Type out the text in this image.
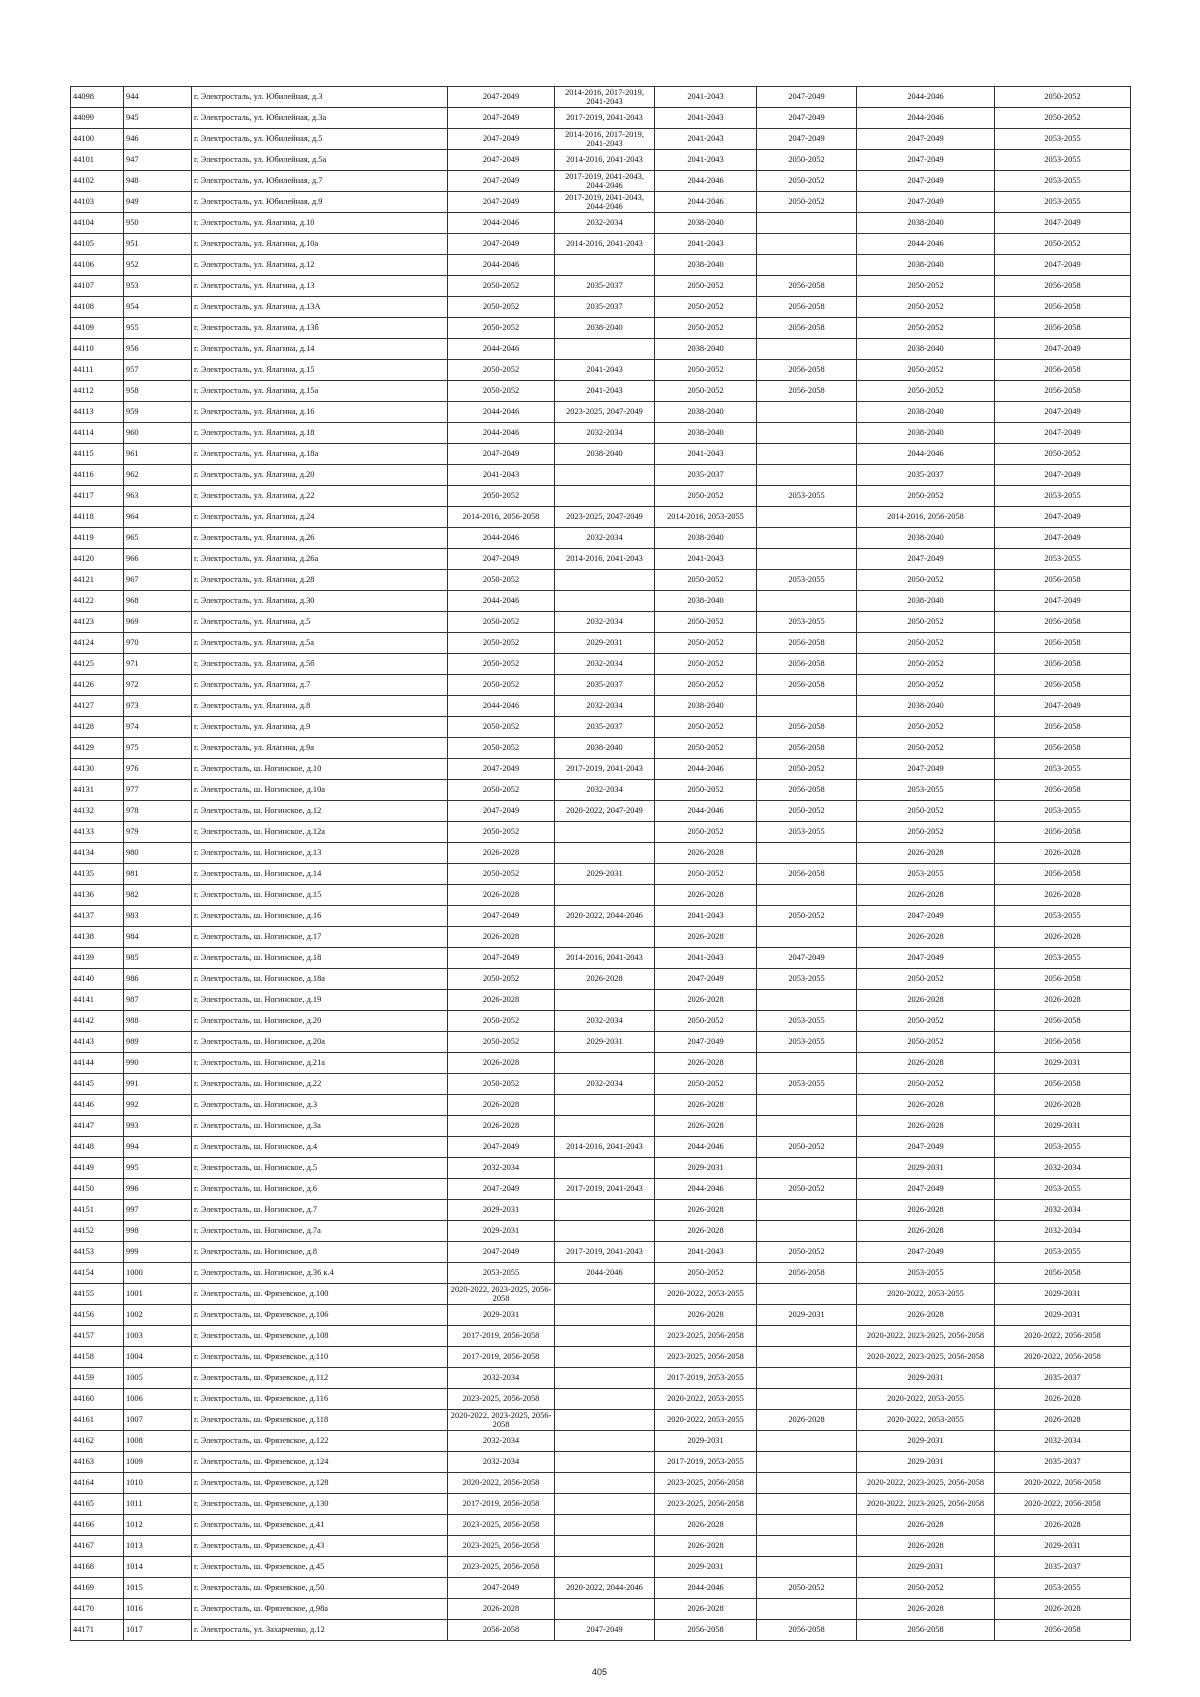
44098	944	г. Электросталь, ул. Юбилейная, д.3	2047-2049	2014-2016, 2017-2019, 2041-2043	2041-2043	2047-2049	2044-2046	2050-2052
44099	945	г. Электросталь, ул. Юбилейная, д.3а	2047-2049	2017-2019, 2041-2043	2041-2043	2047-2049	2044-2046	2050-2052
44100	946	г. Электросталь, ул. Юбилейная, д.5	2047-2049	2014-2016, 2017-2019, 2041-2043	2041-2043	2047-2049	2047-2049	2053-2055
44101	947	г. Электросталь, ул. Юбилейная, д.5а	2047-2049	2014-2016, 2041-2043	2041-2043	2050-2052	2047-2049	2053-2055
44102	948	г. Электросталь, ул. Юбилейная, д.7	2047-2049	2017-2019, 2041-2043, 2044-2046	2044-2046	2050-2052	2047-2049	2053-2055
44103	949	г. Электросталь, ул. Юбилейная, д.9	2047-2049	2017-2019, 2041-2043, 2044-2046	2044-2046	2050-2052	2047-2049	2053-2055
44104	950	г. Электросталь, ул. Ялагина, д.10	2044-2046	2032-2034	2038-2040		2038-2040	2047-2049
44105	951	г. Электросталь, ул. Ялагина, д.10а	2047-2049	2014-2016, 2041-2043	2041-2043		2044-2046	2050-2052
44106	952	г. Электросталь, ул. Ялагина, д.12	2044-2046		2038-2040		2038-2040	2047-2049
44107	953	г. Электросталь, ул. Ялагина, д.13	2050-2052	2035-2037	2050-2052	2056-2058	2050-2052	2056-2058
44108	954	г. Электросталь, ул. Ялагина, д.13А	2050-2052	2035-2037	2050-2052	2056-2058	2050-2052	2056-2058
44109	955	г. Электросталь, ул. Ялагина, д.13б	2050-2052	2038-2040	2050-2052	2056-2058	2050-2052	2056-2058
44110	956	г. Электросталь, ул. Ялагина, д.14	2044-2046		2038-2040		2038-2040	2047-2049
44111	957	г. Электросталь, ул. Ялагина, д.15	2050-2052	2041-2043	2050-2052	2056-2058	2050-2052	2056-2058
44112	958	г. Электросталь, ул. Ялагина, д.15а	2050-2052	2041-2043	2050-2052	2056-2058	2050-2052	2056-2058
44113	959	г. Электросталь, ул. Ялагина, д.16	2044-2046	2023-2025, 2047-2049	2038-2040		2038-2040	2047-2049
44114	960	г. Электросталь, ул. Ялагина, д.18	2044-2046	2032-2034	2038-2040		2038-2040	2047-2049
44115	961	г. Электросталь, ул. Ялагина, д.18а	2047-2049	2038-2040	2041-2043		2044-2046	2050-2052
44116	962	г. Электросталь, ул. Ялагина, д.20	2041-2043		2035-2037		2035-2037	2047-2049
44117	963	г. Электросталь, ул. Ялагина, д.22	2050-2052		2050-2052	2053-2055	2050-2052	2053-2055
44118	964	г. Электросталь, ул. Ялагина, д.24	2014-2016, 2056-2058	2023-2025, 2047-2049	2014-2016, 2053-2055		2014-2016, 2056-2058	2047-2049
44119	965	г. Электросталь, ул. Ялагина, д.26	2044-2046	2032-2034	2038-2040		2038-2040	2047-2049
44120	966	г. Электросталь, ул. Ялагина, д.26а	2047-2049	2014-2016, 2041-2043	2041-2043		2047-2049	2053-2055
44121	967	г. Электросталь, ул. Ялагина, д.28	2050-2052		2050-2052	2053-2055	2050-2052	2056-2058
44122	968	г. Электросталь, ул. Ялагина, д.30	2044-2046		2038-2040		2038-2040	2047-2049
44123	969	г. Электросталь, ул. Ялагина, д.5	2050-2052	2032-2034	2050-2052	2053-2055	2050-2052	2056-2058
44124	970	г. Электросталь, ул. Ялагина, д.5а	2050-2052	2029-2031	2050-2052	2056-2058	2050-2052	2056-2058
44125	971	г. Электросталь, ул. Ялагина, д.5б	2050-2052	2032-2034	2050-2052	2056-2058	2050-2052	2056-2058
44126	972	г. Электросталь, ул. Ялагина, д.7	2050-2052	2035-2037	2050-2052	2056-2058	2050-2052	2056-2058
44127	973	г. Электросталь, ул. Ялагина, д.8	2044-2046	2032-2034	2038-2040		2038-2040	2047-2049
44128	974	г. Электросталь, ул. Ялагина, д.9	2050-2052	2035-2037	2050-2052	2056-2058	2050-2052	2056-2058
44129	975	г. Электросталь, ул. Ялагина, д.9а	2050-2052	2038-2040	2050-2052	2056-2058	2050-2052	2056-2058
44130	976	г. Электросталь, ш. Ногинское, д.10	2047-2049	2017-2019, 2041-2043	2044-2046	2050-2052	2047-2049	2053-2055
44131	977	г. Электросталь, ш. Ногинское, д.10а	2050-2052	2032-2034	2050-2052	2056-2058	2053-2055	2056-2058
44132	978	г. Электросталь, ш. Ногинское, д.12	2047-2049	2020-2022, 2047-2049	2044-2046	2050-2052	2050-2052	2053-2055
44133	979	г. Электросталь, ш. Ногинское, д.12а	2050-2052		2050-2052	2053-2055	2050-2052	2056-2058
44134	980	г. Электросталь, ш. Ногинское, д.13	2026-2028		2026-2028		2026-2028	2026-2028
44135	981	г. Электросталь, ш. Ногинское, д.14	2050-2052	2029-2031	2050-2052	2056-2058	2053-2055	2056-2058
44136	982	г. Электросталь, ш. Ногинское, д.15	2026-2028		2026-2028		2026-2028	2026-2028
44137	983	г. Электросталь, ш. Ногинское, д.16	2047-2049	2020-2022, 2044-2046	2041-2043	2050-2052	2047-2049	2053-2055
44138	984	г. Электросталь, ш. Ногинское, д.17	2026-2028		2026-2028		2026-2028	2026-2028
44139	985	г. Электросталь, ш. Ногинское, д.18	2047-2049	2014-2016, 2041-2043	2041-2043	2047-2049	2047-2049	2053-2055
44140	986	г. Электросталь, ш. Ногинское, д.18а	2050-2052	2026-2028	2047-2049	2053-2055	2050-2052	2056-2058
44141	987	г. Электросталь, ш. Ногинское, д.19	2026-2028		2026-2028		2026-2028	2026-2028
44142	988	г. Электросталь, ш. Ногинское, д.20	2050-2052	2032-2034	2050-2052	2053-2055	2050-2052	2056-2058
44143	989	г. Электросталь, ш. Ногинское, д.20а	2050-2052	2029-2031	2047-2049	2053-2055	2050-2052	2056-2058
44144	990	г. Электросталь, ш. Ногинское, д.21а	2026-2028		2026-2028		2026-2028	2029-2031
44145	991	г. Электросталь, ш. Ногинское, д.22	2050-2052	2032-2034	2050-2052	2053-2055	2050-2052	2056-2058
44146	992	г. Электросталь, ш. Ногинское, д.3	2026-2028		2026-2028		2026-2028	2026-2028
44147	993	г. Электросталь, ш. Ногинское, д.3а	2026-2028		2026-2028		2026-2028	2029-2031
44148	994	г. Электросталь, ш. Ногинское, д.4	2047-2049	2014-2016, 2041-2043	2044-2046	2050-2052	2047-2049	2053-2055
44149	995	г. Электросталь, ш. Ногинское, д.5	2032-2034		2029-2031		2029-2031	2032-2034
44150	996	г. Электросталь, ш. Ногинское, д.6	2047-2049	2017-2019, 2041-2043	2044-2046	2050-2052	2047-2049	2053-2055
44151	997	г. Электросталь, ш. Ногинское, д.7	2029-2031		2026-2028		2026-2028	2032-2034
44152	998	г. Электросталь, ш. Ногинское, д.7а	2029-2031		2026-2028		2026-2028	2032-2034
44153	999	г. Электросталь, ш. Ногинское, д.8	2047-2049	2017-2019, 2041-2043	2041-2043	2050-2052	2047-2049	2053-2055
44154	1000	г. Электросталь, ш. Ногинское, д.36 к.4	2053-2055	2044-2046	2050-2052	2056-2058	2053-2055	2056-2058
44155	1001	г. Электросталь, ш. Фрязевское, д.100	2020-2022, 2023-2025, 2056-2058		2020-2022, 2053-2055		2020-2022, 2053-2055	2029-2031
44156	1002	г. Электросталь, ш. Фрязевское, д.106	2029-2031		2026-2028	2029-2031	2026-2028	2029-2031
44157	1003	г. Электросталь, ш. Фрязевское, д.108	2017-2019, 2056-2058		2023-2025, 2056-2058		2020-2022, 2023-2025, 2056-2058	2020-2022, 2056-2058
44158	1004	г. Электросталь, ш. Фрязевское, д.110	2017-2019, 2056-2058		2023-2025, 2056-2058		2020-2022, 2023-2025, 2056-2058	2020-2022, 2056-2058
44159	1005	г. Электросталь, ш. Фрязевское, д.112	2032-2034		2017-2019, 2053-2055		2029-2031	2035-2037
44160	1006	г. Электросталь, ш. Фрязевское, д.116	2023-2025, 2056-2058		2020-2022, 2053-2055		2020-2022, 2053-2055	2026-2028
44161	1007	г. Электросталь, ш. Фрязевское, д.118	2020-2022, 2023-2025, 2056-2058		2020-2022, 2053-2055	2026-2028	2020-2022, 2053-2055	2026-2028
44162	1008	г. Электросталь, ш. Фрязевское, д.122	2032-2034		2029-2031		2029-2031	2032-2034
44163	1009	г. Электросталь, ш. Фрязевское, д.124	2032-2034		2017-2019, 2053-2055		2029-2031	2035-2037
44164	1010	г. Электросталь, ш. Фрязевское, д.128	2020-2022, 2056-2058		2023-2025, 2056-2058		2020-2022, 2023-2025, 2056-2058	2020-2022, 2056-2058
44165	1011	г. Электросталь, ш. Фрязевское, д.130	2017-2019, 2056-2058		2023-2025, 2056-2058		2020-2022, 2023-2025, 2056-2058	2020-2022, 2056-2058
44166	1012	г. Электросталь, ш. Фрязевское, д.41	2023-2025, 2056-2058		2026-2028		2026-2028	2026-2028
44167	1013	г. Электросталь, ш. Фрязевское, д.43	2023-2025, 2056-2058		2026-2028		2026-2028	2029-2031
44168	1014	г. Электросталь, ш. Фрязевское, д.45	2023-2025, 2056-2058		2029-2031		2029-2031	2035-2037
44169	1015	г. Электросталь, ш. Фрязевское, д.50	2047-2049	2020-2022, 2044-2046	2044-2046	2050-2052	2050-2052	2053-2055
44170	1016	г. Электросталь, ш. Фрязевское, д.98а	2026-2028		2026-2028		2026-2028	2026-2028
44171	1017	г. Электросталь, ул. Захарченко, д.12	2056-2058	2047-2049	2056-2058	2056-2058	2056-2058	2056-2058
405
